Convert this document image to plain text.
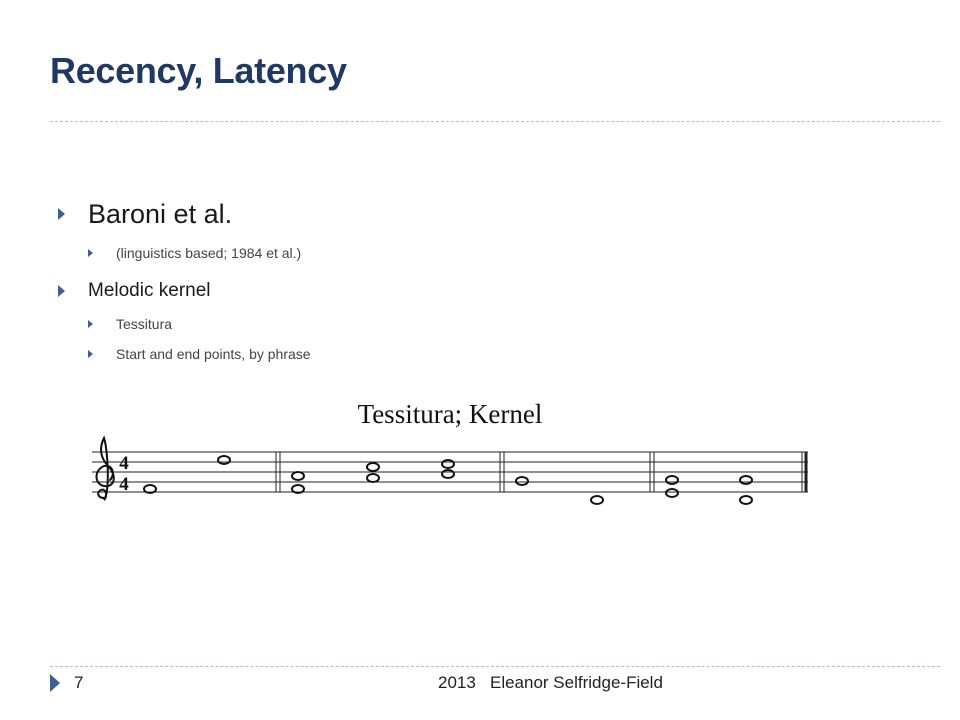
Recency, Latency
Baroni et al.
(linguistics based; 1984 et al.)
Melodic kernel
Tessitura
Start and end points, by phrase
Tessitura; Kernel
4
4
7	2013   Eleanor Selfridge-Field
